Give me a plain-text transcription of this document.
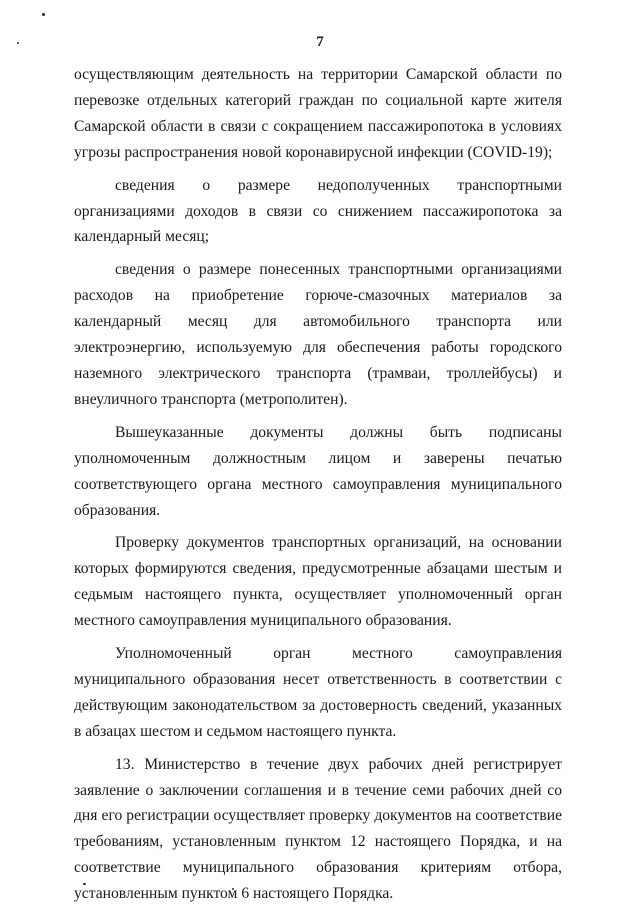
7

осуществляющим деятельность на территории Самарской области по перевозке отдельных категорий граждан по социальной карте жителя Самарской области в связи с сокращением пассажиропотока в условиях угрозы распространения новой коронавирусной инфекции (COVID-19);

сведения о размере недополученных транспортными организациями доходов в связи со снижением пассажиропотока за календарный месяц;

сведения о размере понесенных транспортными организациями расходов на приобретение горюче-смазочных материалов за календарный месяц для автомобильного транспорта или электроэнергию, используемую для обеспечения работы городского наземного электрического транспорта (трамваи, троллейбусы) и внеуличного транспорта (метрополитен).

Вышеуказанные документы должны быть подписаны уполномоченным должностным лицом и заверены печатью соответствующего органа местного самоуправления муниципального образования.

Проверку документов транспортных организаций, на основании которых формируются сведения, предусмотренные абзацами шестым и седьмым настоящего пункта, осуществляет уполномоченный орган местного самоуправления муниципального образования.

Уполномоченный орган местного самоуправления муниципального образования несет ответственность в соответствии с действующим законодательством за достоверность сведений, указанных в абзацах шестом и седьмом настоящего пункта.

13. Министерство в течение двух рабочих дней регистрирует заявление о заключении соглашения и в течение семи рабочих дней со дня его регистрации осуществляет проверку документов на соответствие требованиям, установленным пунктом 12 настоящего Порядка, и на соответствие муниципального образования критериям отбора, установленным пунктом 6 настоящего Порядка.
